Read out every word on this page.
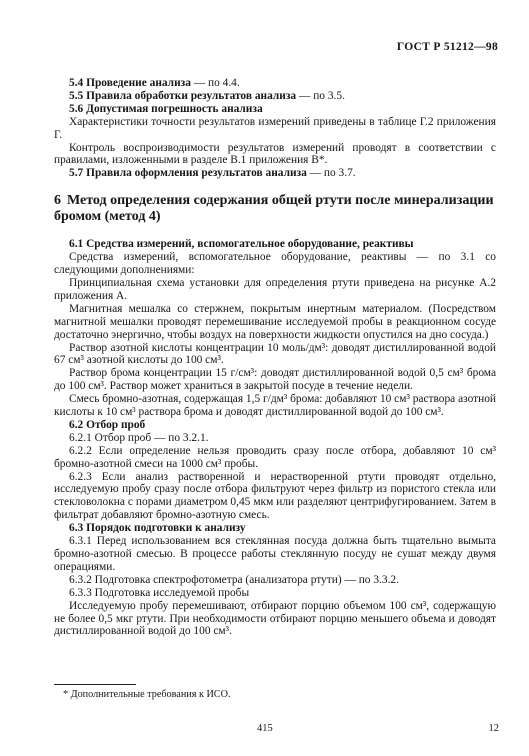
ГОСТ Р 51212—98

5.4 Проведение анализа — по 4.4.

5.5 Правила обработки результатов анализа — по 3.5.

5.6 Допустимая погрешность анализа

Характеристики точности результатов измерений приведены в таблице Г.2 приложения Г.

Контроль воспроизводимости результатов измерений проводят в соответствии с правилами, изложенными в разделе В.1 приложения В*.

5.7 Правила оформления результатов анализа — по 3.7.

6 Метод определения содержания общей ртути после минерализации бромом (метод 4)

6.1 Средства измерений, вспомогательное оборудование, реактивы

Средства измерений, вспомогательное оборудование, реактивы — по 3.1 со следующими дополнениями:

Принципиальная схема установки для определения ртути приведена на рисунке А.2 приложения А.

Магнитная мешалка со стержнем, покрытым инертным материалом. (Посредством магнитной мешалки проводят перемешивание исследуемой пробы в реакционном сосуде достаточно энергично, чтобы воздух на поверхности жидкости опустился на дно сосуда.)

Раствор азотной кислоты концентрации 10 моль/дм³: доводят дистиллированной водой 67 см³ азотной кислоты до 100 см³.

Раствор брома концентрации 15 г/см³: доводят дистиллированной водой 0,5 см³ брома до 100 см³. Раствор может храниться в закрытой посуде в течение недели.

Смесь бромно-азотная, содержащая 1,5 г/дм³ брома: добавляют 10 см³ раствора азотной кислоты к 10 см³ раствора брома и доводят дистиллированной водой до 100 см³.

6.2 Отбор проб

6.2.1 Отбор проб — по 3.2.1.

6.2.2 Если определение нельзя проводить сразу после отбора, добавляют 10 см³ бромно-азотной смеси на 1000 см³ пробы.

6.2.3 Если анализ растворенной и нерастворенной ртути проводят отдельно, исследуемую пробу сразу после отбора фильтруют через фильтр из пористого стекла или стекловолокна с порами диаметром 0,45 мкм или разделяют центрифугированием. Затем в фильтрат добавляют бромно-азотную смесь.

6.3 Порядок подготовки к анализу

6.3.1 Перед использованием вся стеклянная посуда должна быть тщательно вымыта бромно-азотной смесью. В процессе работы стеклянную посуду не сушат между двумя операциями.

6.3.2 Подготовка спектрофотометра (анализатора ртути) — по 3.3.2.

6.3.3 Подготовка исследуемой пробы

Исследуемую пробу перемешивают, отбирают порцию объемом 100 см³, содержащую не более 0,5 мкг ртути. При необходимости отбирают порцию меньшего объема и доводят дистиллированной водой до 100 см³.

* Дополнительные требования к ИСО.
415	12
